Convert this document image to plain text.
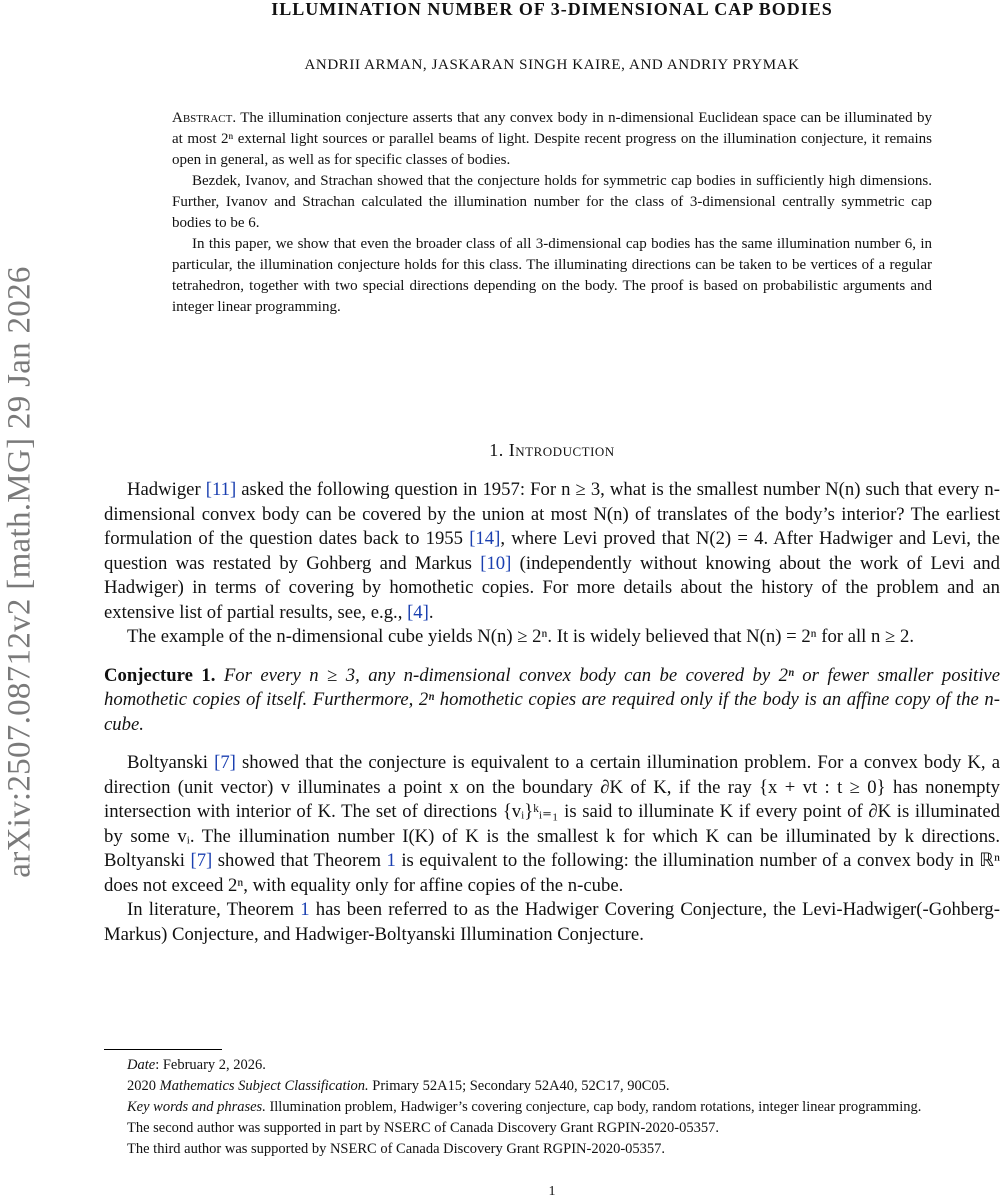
arXiv:2507.08712v2 [math.MG] 29 Jan 2026
ILLUMINATION NUMBER OF 3-DIMENSIONAL CAP BODIES
ANDRII ARMAN, JASKARAN SINGH KAIRE, AND ANDRIY PRYMAK

Abstract. The illumination conjecture asserts that any convex body in n-dimensional Euclidean space can be illuminated by at most 2ⁿ external light sources or parallel beams of light. Despite recent progress on the illumination conjecture, it remains open in general, as well as for specific classes of bodies.

Bezdek, Ivanov, and Strachan showed that the conjecture holds for symmetric cap bodies in sufficiently high dimensions. Further, Ivanov and Strachan calculated the illumination number for the class of 3-dimensional centrally symmetric cap bodies to be 6.

In this paper, we show that even the broader class of all 3-dimensional cap bodies has the same illumination number 6, in particular, the illumination conjecture holds for this class. The illuminating directions can be taken to be vertices of a regular tetrahedron, together with two special directions depending on the body. The proof is based on probabilistic arguments and integer linear programming.

1. Introduction

Hadwiger [11] asked the following question in 1957: For n ≥ 3, what is the smallest number N(n) such that every n-dimensional convex body can be covered by the union at most N(n) of translates of the body’s interior? The earliest formulation of the question dates back to 1955 [14], where Levi proved that N(2) = 4. After Hadwiger and Levi, the question was restated by Gohberg and Markus [10] (independently without knowing about the work of Levi and Hadwiger) in terms of covering by homothetic copies. For more details about the history of the problem and an extensive list of partial results, see, e.g., [4].

The example of the n-dimensional cube yields N(n) ≥ 2ⁿ. It is widely believed that N(n) = 2ⁿ for all n ≥ 2.

Conjecture 1. For every n ≥ 3, any n-dimensional convex body can be covered by 2ⁿ or fewer smaller positive homothetic copies of itself. Furthermore, 2ⁿ homothetic copies are required only if the body is an affine copy of the n-cube.

Boltyanski [7] showed that the conjecture is equivalent to a certain illumination problem. For a convex body K, a direction (unit vector) v illuminates a point x on the boundary ∂K of K, if the ray {x + vt : t ≥ 0} has nonempty intersection with interior of K. The set of directions {vᵢ}ᵏᵢ₌₁ is said to illuminate K if every point of ∂K is illuminated by some vᵢ. The illumination number I(K) of K is the smallest k for which K can be illuminated by k directions. Boltyanski [7] showed that Theorem 1 is equivalent to the following: the illumination number of a convex body in ℝⁿ does not exceed 2ⁿ, with equality only for affine copies of the n-cube.

In literature, Theorem 1 has been referred to as the Hadwiger Covering Conjecture, the Levi-Hadwiger(-Gohberg-Markus) Conjecture, and Hadwiger-Boltyanski Illumination Conjecture.

Date: February 2, 2026.

2020 Mathematics Subject Classification. Primary 52A15; Secondary 52A40, 52C17, 90C05.

Key words and phrases. Illumination problem, Hadwiger’s covering conjecture, cap body, random rotations, integer linear programming.

The second author was supported in part by NSERC of Canada Discovery Grant RGPIN-2020-05357.

The third author was supported by NSERC of Canada Discovery Grant RGPIN-2020-05357.

1
